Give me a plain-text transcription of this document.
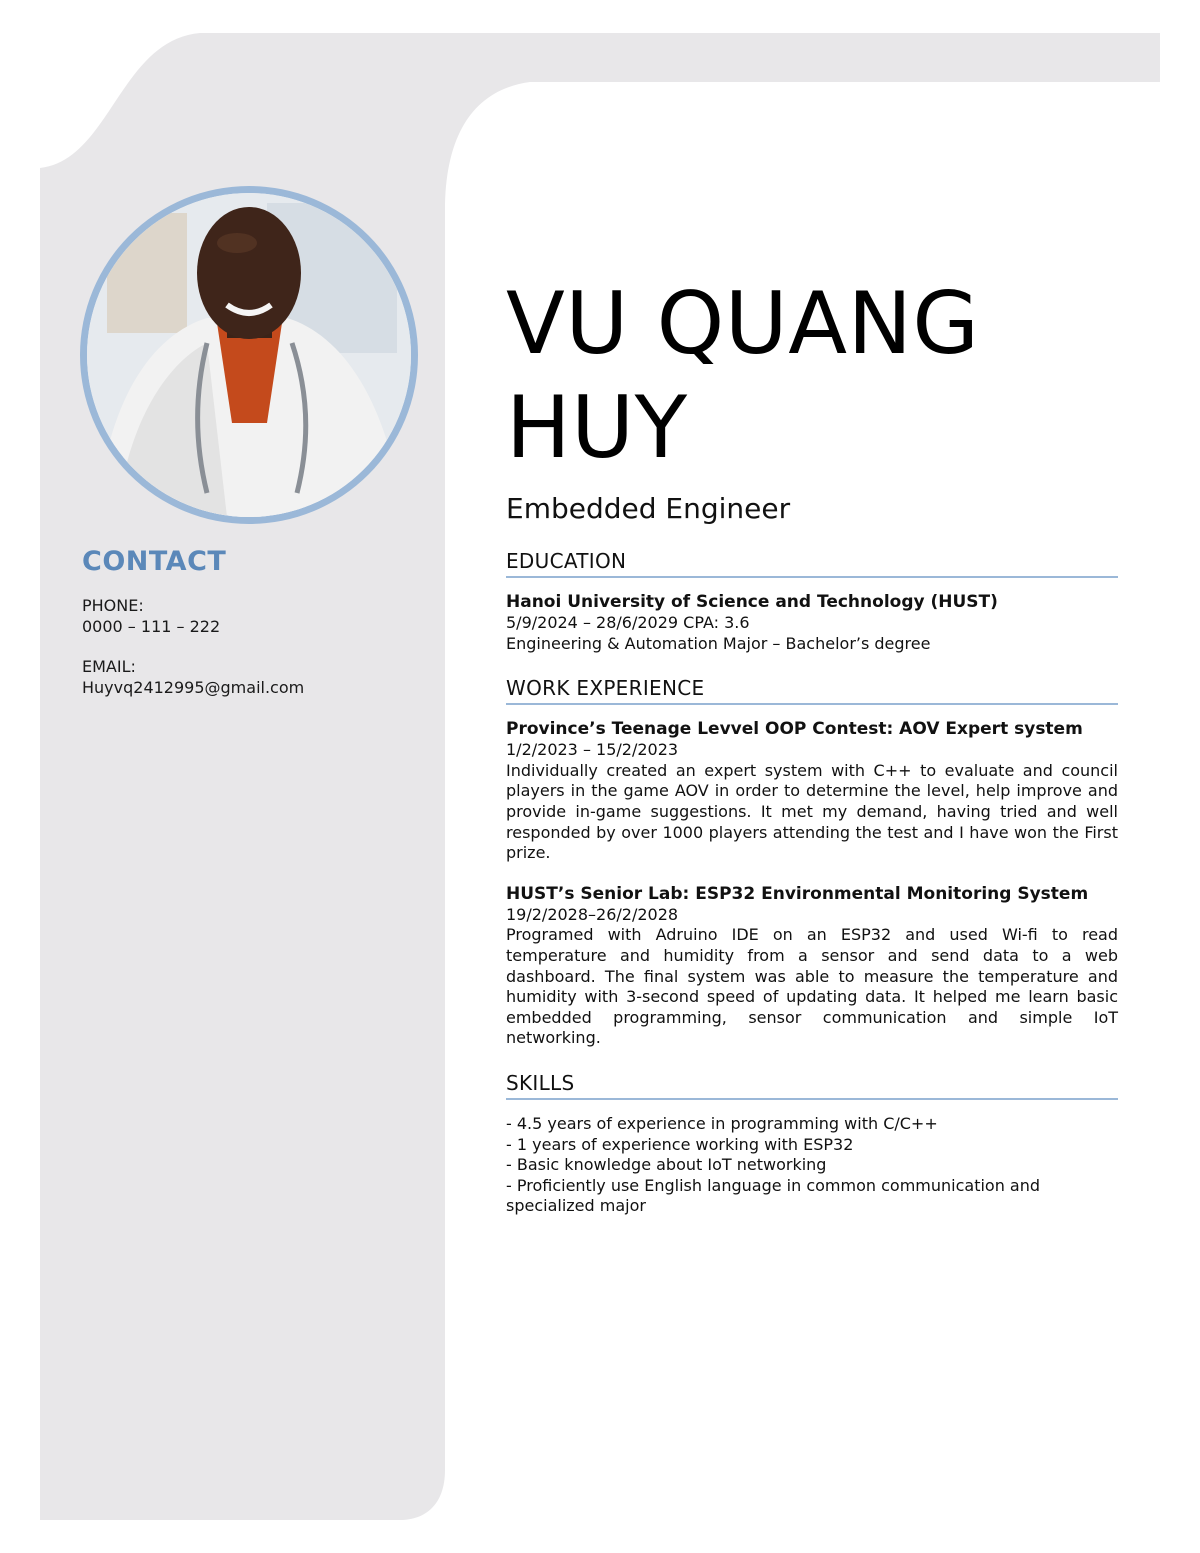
CONTACT
PHONE:
0000 – 111 – 222
EMAIL:
Huyvq2412995@gmail.com
VU QUANG
HUY
Embedded Engineer
EDUCATION
Hanoi University of Science and Technology (HUST)
5/9/2024 – 28/6/2029 CPA: 3.6
Engineering & Automation Major – Bachelor’s degree
WORK EXPERIENCE
Province’s Teenage Levvel OOP Contest: AOV Expert system
1/2/2023 – 15/2/2023
Individually created an expert system with C++ to evaluate and council players in the game AOV in order to determine the level, help improve and provide in-game suggestions. It met my demand, having tried and well responded by over 1000 players attending the test and I have won the First prize.
HUST’s Senior Lab: ESP32 Environmental Monitoring System
19/2/2028–26/2/2028
Programed with Adruino IDE on an ESP32 and used Wi-fi to read temperature and humidity from a sensor and send data to a web dashboard. The final system was able to measure the temperature and humidity with 3-second speed of updating data. It helped me learn basic embedded programming, sensor communication and simple IoT networking.
SKILLS
- 4.5 years of experience in programming with C/C++
- 1 years of experience working with ESP32
- Basic knowledge about IoT networking
- Proficiently use English language in common communication and specialized major
